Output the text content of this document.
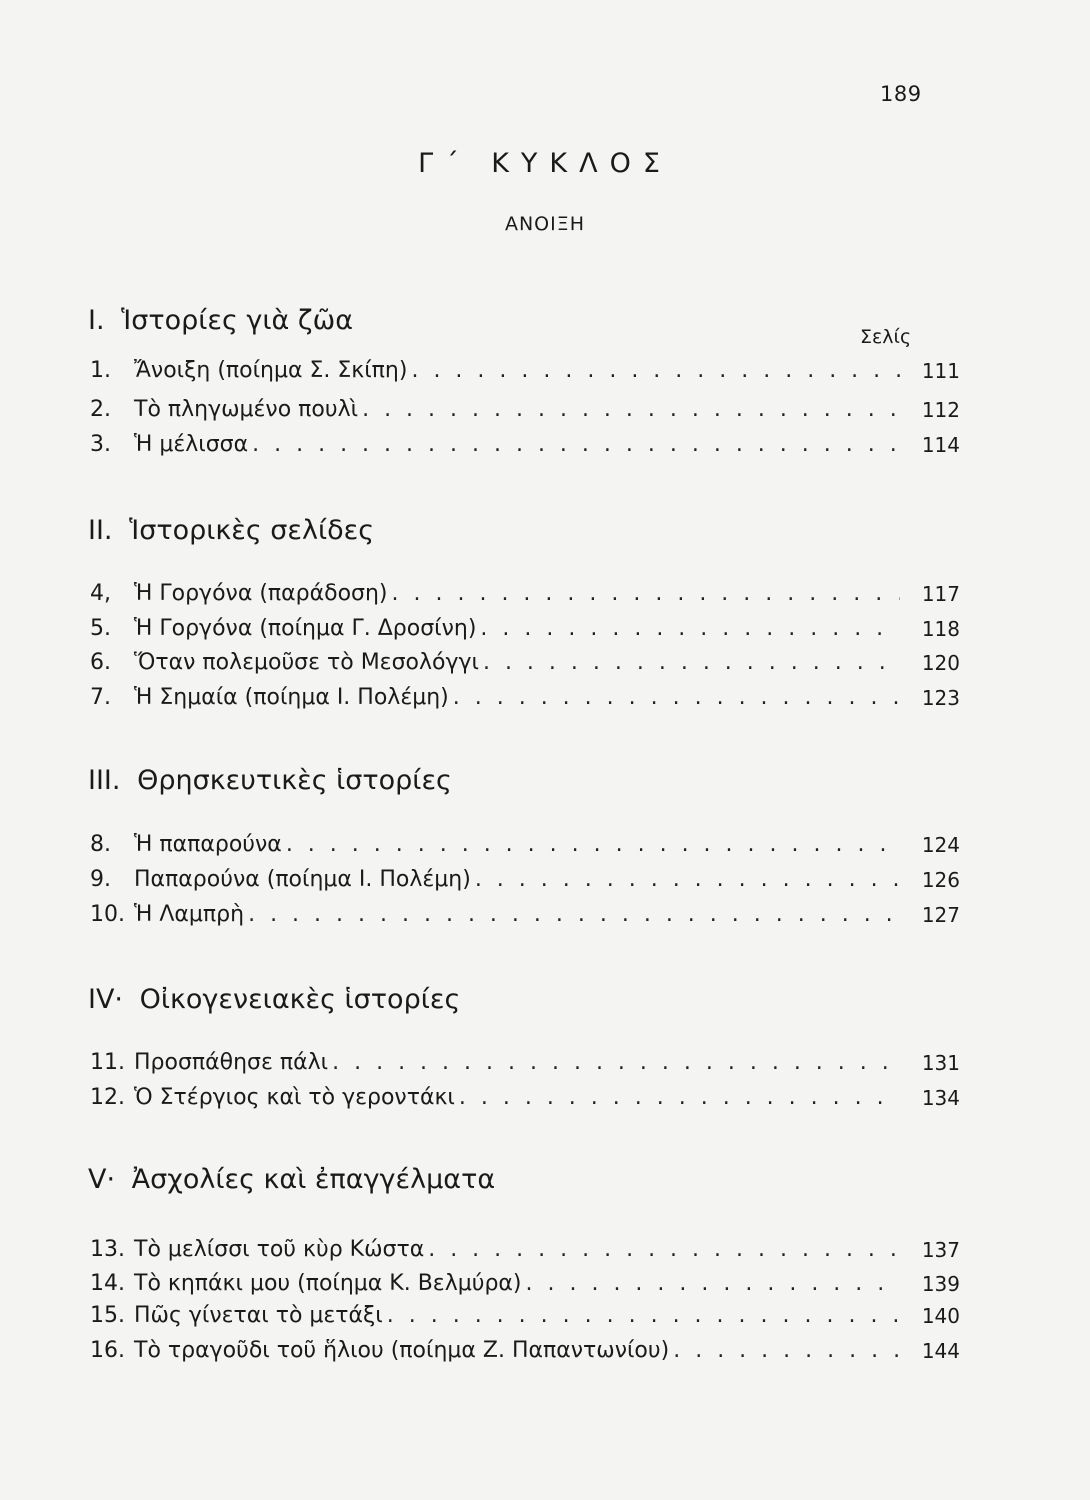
189
Γ΄ ΚΥΚΛΟΣ
ΑΝΟΙΞΗ
I. Ἱστορίες γιὰ ζῶα
Σελίς
1.	Ἄνοιξη (ποίημα Σ. Σκίπη) . . .	111
2.	Τὸ πληγωμένο πουλὶ . . .	112
3.	Ἡ μέλισσα . . .	114
II. Ἱστορικὲς σελίδες
4,	Ἡ Γοργόνα (παράδοση) . . .	117
5.	Ἡ Γοργόνα (ποίημα Γ. Δροσίνη) . . .	118
6.	Ὅταν πολεμοῦσε τὸ Μεσολόγγι . . .	120
7.	Ἡ Σημαία (ποίημα Ι. Πολέμη) . . .	123
III. Θρησκευτικὲς ἱστορίες
8.	Ἡ παπαρούνα . . .	124
9.	Παπαρούνα (ποίημα Ι. Πολέμη) . . .	126
10. Ἡ Λαμπρὴ . . .	127
IV· Οἰκογενειακὲς ἱστορίες
11. Προσπάθησε πάλι . . .	131
12. Ὁ Στέργιος καὶ τὸ γεροντάκι . . .	134
V· Ἀσχολίες καὶ ἐπαγγέλματα
13. Τὸ μελίσσι τοῦ κὺρ Κώστα . . .	137
14. Τὸ κηπάκι μου (ποίημα Κ. Βελμύρα) . . .	139
15. Πῶς γίνεται τὸ μετάξι . . .	140
16. Τὸ τραγοῦδι τοῦ ἥλιου (ποίημα Ζ. Παπαντωνίου) . . .	144
